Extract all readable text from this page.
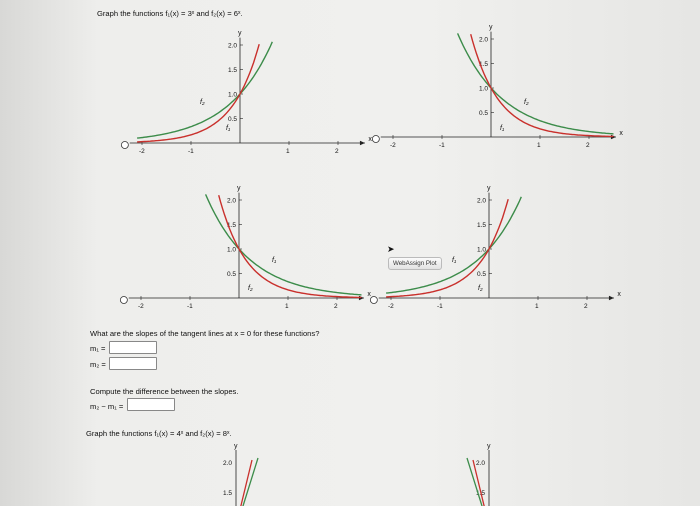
Graph the functions f₁(x) = 3ˣ and f₂(x) = 6ˣ.
x
y
-2	-1	1	2
0.5
1.0
1.5
2.0
f₁
f₂
x
y
-2	-1	1	2
0.5
1.0
1.5
2.0
f₁
f₂
x
y
-2	-1	1	2
0.5
1.0
1.5
2.0
f₁
f₂
x
y
-2	-1	1	2
0.5
1.0
1.5
2.0
f₁
f₂
y
2.0
1.5
y
2.0
1.5
What are the slopes of the tangent lines at x = 0 for these functions?
m₁ =
m₂ =
Compute the difference between the slopes.
m₂ − m₁ =
Graph the functions f₁(x) = 4ˣ and f₂(x) = 8ˣ.
WebAssign Plot
➤
